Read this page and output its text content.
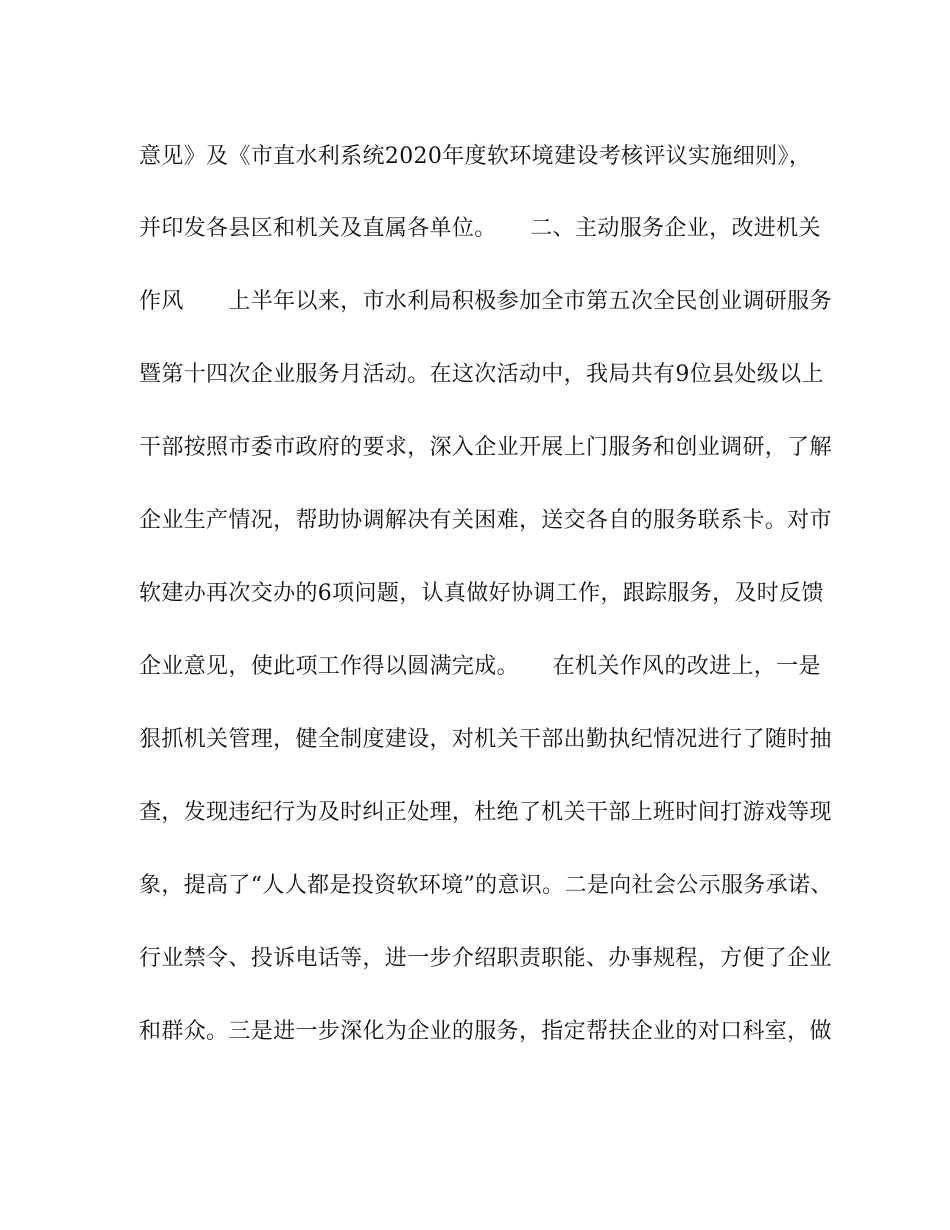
意见》及《市直水利系统2020年度软环境建设考核评议实施细则》，
并印发各县区和机关及直属各单位。　　二、主动服务企业，改进机关
作风　　上半年以来，市水利局积极参加全市第五次全民创业调研服务
暨第十四次企业服务月活动。在这次活动中，我局共有9位县处级以上
干部按照市委市政府的要求，深入企业开展上门服务和创业调研，了解
企业生产情况，帮助协调解决有关困难，送交各自的服务联系卡。对市
软建办再次交办的6项问题，认真做好协调工作，跟踪服务，及时反馈
企业意见，使此项工作得以圆满完成。　　在机关作风的改进上，一是
狠抓机关管理，健全制度建设，对机关干部出勤执纪情况进行了随时抽
查，发现违纪行为及时纠正处理，杜绝了机关干部上班时间打游戏等现
象，提高了“人人都是投资软环境”的意识。二是向社会公示服务承诺、
行业禁令、投诉电话等，进一步介绍职责职能、办事规程，方便了企业
和群众。三是进一步深化为企业的服务，指定帮扶企业的对口科室，做
